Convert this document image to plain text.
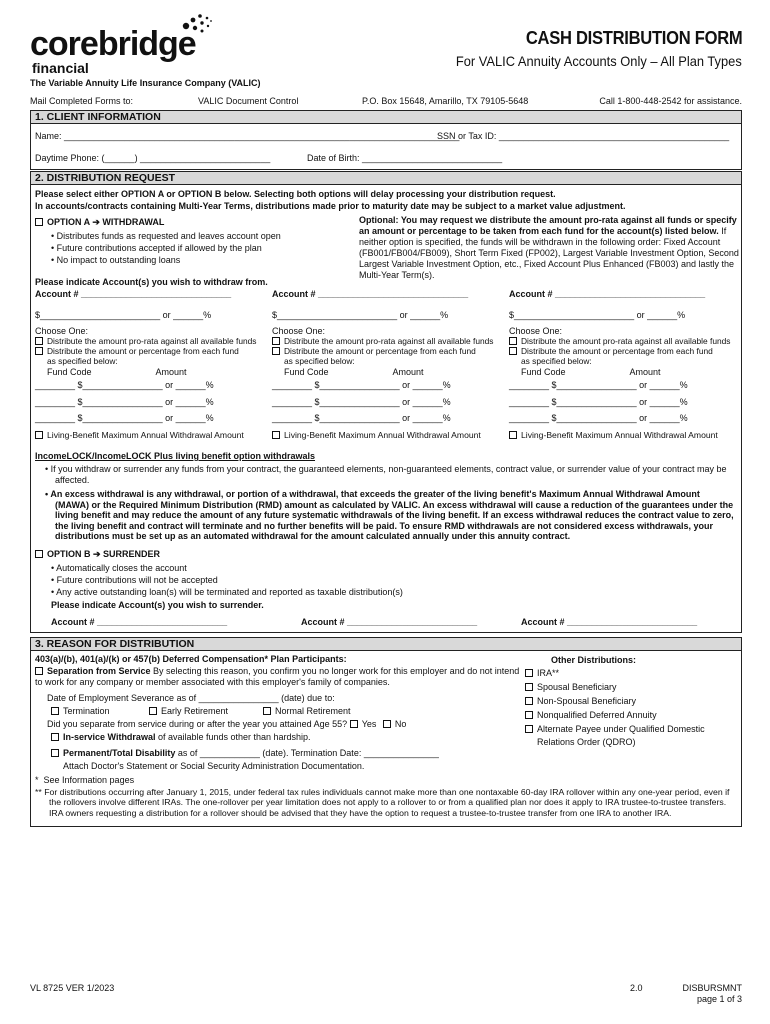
corebridge
financial
The Variable Annuity Life Insurance Company (VALIC)
CASH DISTRIBUTION FORM
For VALIC Annuity Accounts Only – All Plan Types
Mail Completed Forms to:	VALIC Document Control	P.O. Box 15648, Amarillo, TX 79105-5648	Call 1-800-448-2542 for assistance.
1. CLIENT INFORMATION
Name: _______________________________________________________________________________
SSN or Tax ID: ______________________________________________
Daytime Phone: (______) __________________________	Date of Birth: ____________________________
2. DISTRIBUTION REQUEST
Please select either OPTION A or OPTION B below. Selecting both options will delay processing your distribution request.
In accounts/contracts containing Multi-Year Terms, distributions made prior to maturity date may be subject to a market value adjustment.
OPTION A ➔ WITHDRAWAL
• Distributes funds as requested and leaves account open
• Future contributions accepted if allowed by the plan
• No impact to outstanding loans
Optional: You may request we distribute the amount pro-rata against all funds or specify an amount or percentage to be taken from each fund for the account(s) listed below. If neither option is specified, the funds will be withdrawn in the following order: Fixed Account (FB001/FB004/FB009), Short Term Fixed (FP002), Largest Variable Investment Option, Second Largest Variable Investment Option, etc., Fixed Account Plus Enhanced (FB003) and lastly the Multi-Year Term(s).
Please indicate Account(s) you wish to withdraw from.
Account # ______________________________
$________________________ or ______%
Choose One:
Distribute the amount pro-rata against all available funds
Distribute the amount or percentage from each fund
as specified below:
Fund Code	Amount
________ $________________ or ______%
________ $________________ or ______%
________ $________________ or ______%
Living-Benefit Maximum Annual Withdrawal Amount
Account # ______________________________
$________________________ or ______%
Choose One:
Distribute the amount pro-rata against all available funds
Distribute the amount or percentage from each fund
as specified below:
Fund Code	Amount
________ $________________ or ______%
________ $________________ or ______%
________ $________________ or ______%
Living-Benefit Maximum Annual Withdrawal Amount
Account # ______________________________
$________________________ or ______%
Choose One:
Distribute the amount pro-rata against all available funds
Distribute the amount or percentage from each fund
as specified below:
Fund Code	Amount
________ $________________ or ______%
________ $________________ or ______%
________ $________________ or ______%
Living-Benefit Maximum Annual Withdrawal Amount
IncomeLOCK/IncomeLOCK Plus living benefit option withdrawals
• If you withdraw or surrender any funds from your contract, the guaranteed elements, non-guaranteed elements, contract value, or surrender value of your contract may be affected.
• An excess withdrawal is any withdrawal, or portion of a withdrawal, that exceeds the greater of the living benefit's Maximum Annual Withdrawal Amount (MAWA) or the Required Minimum Distribution (RMD) amount as calculated by VALIC. An excess withdrawal will cause a reduction of the guarantees under the living benefit and may reduce the amount of any future systematic withdrawals of the living benefit. If an excess withdrawal reduces the contract value to zero, the living benefit and contract will terminate and no further benefits will be paid. To ensure RMD withdrawals are not considered excess withdrawals, your distributions must be set up as an automated withdrawal for the amount calculated annually under this annuity contract.
OPTION B ➔ SURRENDER
• Automatically closes the account
• Future contributions will not be accepted
• Any active outstanding loan(s) will be terminated and reported as taxable distribution(s)
Please indicate Account(s) you wish to surrender.
Account # __________________________	Account # __________________________	Account # __________________________
3. REASON FOR DISTRIBUTION
403(a)/(b), 401(a)/(k) or 457(b) Deferred Compensation* Plan Participants:
Separation from Service By selecting this reason, you confirm you no longer work for this employer and do not intend to work for any company or member associated with this employer's family of companies.
Date of Employment Severance as of ________________ (date) due to:
Termination	Early Retirement	Normal Retirement
Did you separate from service during or after the year you attained Age 55? Yes No
In-service Withdrawal of available funds other than hardship.
Permanent/Total Disability as of ____________ (date). Termination Date: _______________
Attach Doctor's Statement or Social Security Administration Documentation.
Other Distributions:
IRA**
Spousal Beneficiary
Non-Spousal Beneficiary
Nonqualified Deferred Annuity
Alternate Payee under Qualified Domestic
Relations Order (QDRO)
*  See Information pages
** For distributions occurring after January 1, 2015, under federal tax rules individuals cannot make more than one nontaxable 60-day IRA rollover within any one-year period, even if the rollovers involve different IRAs. The one-rollover per year limitation does not apply to a rollover to or from a qualified plan nor does it apply to IRA trustee-to-trustee transfers. IRA owners requesting a distribution for a rollover should be advised that they have the option to request a trustee-to-trustee transfer from one IRA to another IRA.
VL 8725 VER 1/2023	2.0	DISBURSMNT
page 1 of 3
